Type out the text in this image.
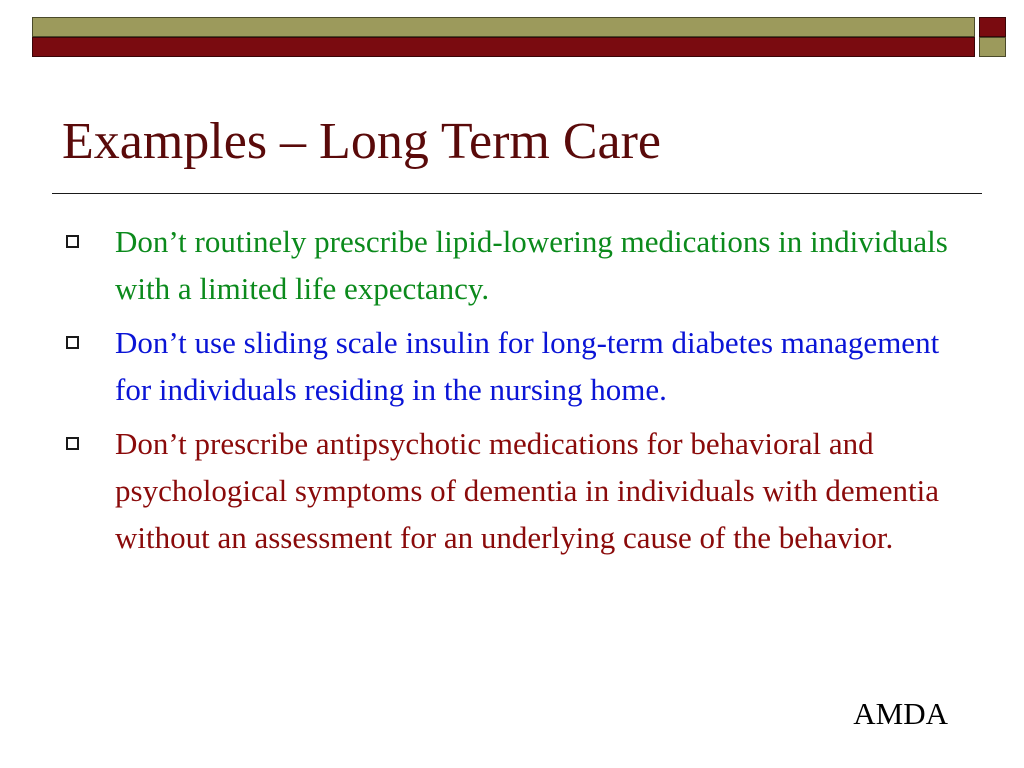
Examples – Long Term Care
Don’t routinely prescribe lipid-lowering medications in individuals with a limited life expectancy.
Don’t use sliding scale insulin for long-term diabetes management for individuals residing in the nursing home.
Don’t prescribe antipsychotic medications for behavioral and psychological symptoms of dementia in individuals with dementia without an assessment for an underlying cause of the behavior.
AMDA
